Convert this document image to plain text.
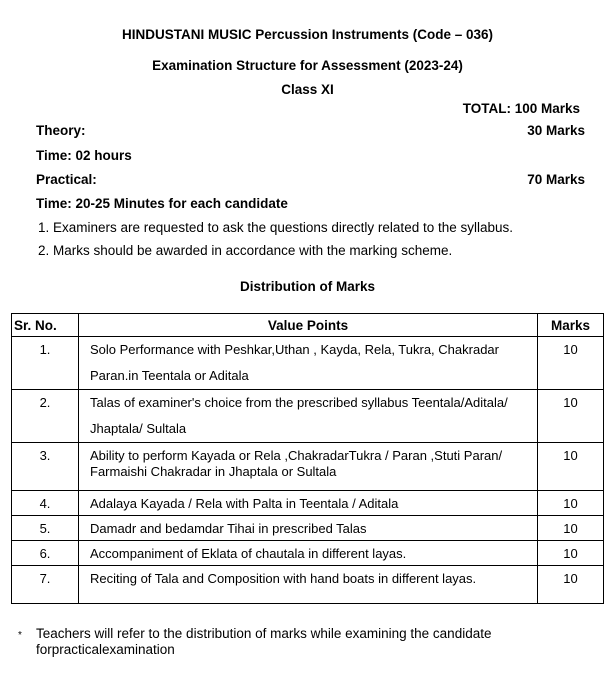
HINDUSTANI MUSIC Percussion Instruments (Code – 036)
Examination Structure for Assessment (2023-24)
Class XI
TOTAL: 100 Marks
Theory:	30 Marks
Time: 02 hours
Practical:	70 Marks
Time: 20-25 Minutes for each candidate
1. Examiners are requested to ask the questions directly related to the syllabus.
2. Marks should be awarded in accordance with the marking scheme.
Distribution of Marks
Sr. No.	Value Points	Marks
1.	Solo Performance with Peshkar,Uthan , Kayda, Rela, Tukra, Chakradar Paran.in Teentala or Aditala	10
2.	Talas of examiner's choice from the prescribed syllabus Teentala/Aditala/ Jhaptala/ Sultala	10
3.	Ability to perform Kayada or Rela ,ChakradarTukra / Paran ,Stuti Paran/ Farmaishi Chakradar in Jhaptala or Sultala	10
4.	Adalaya Kayada / Rela with Palta in Teentala / Aditala	10
5.	Damadr and bedamdar Tihai in prescribed Talas	10
6.	Accompaniment of Eklata of chautala in different layas.	10
7.	Reciting of Tala and Composition with hand boats in different layas.	10
* Teachers will refer to the distribution of marks while examining the candidate forpracticalexamination
